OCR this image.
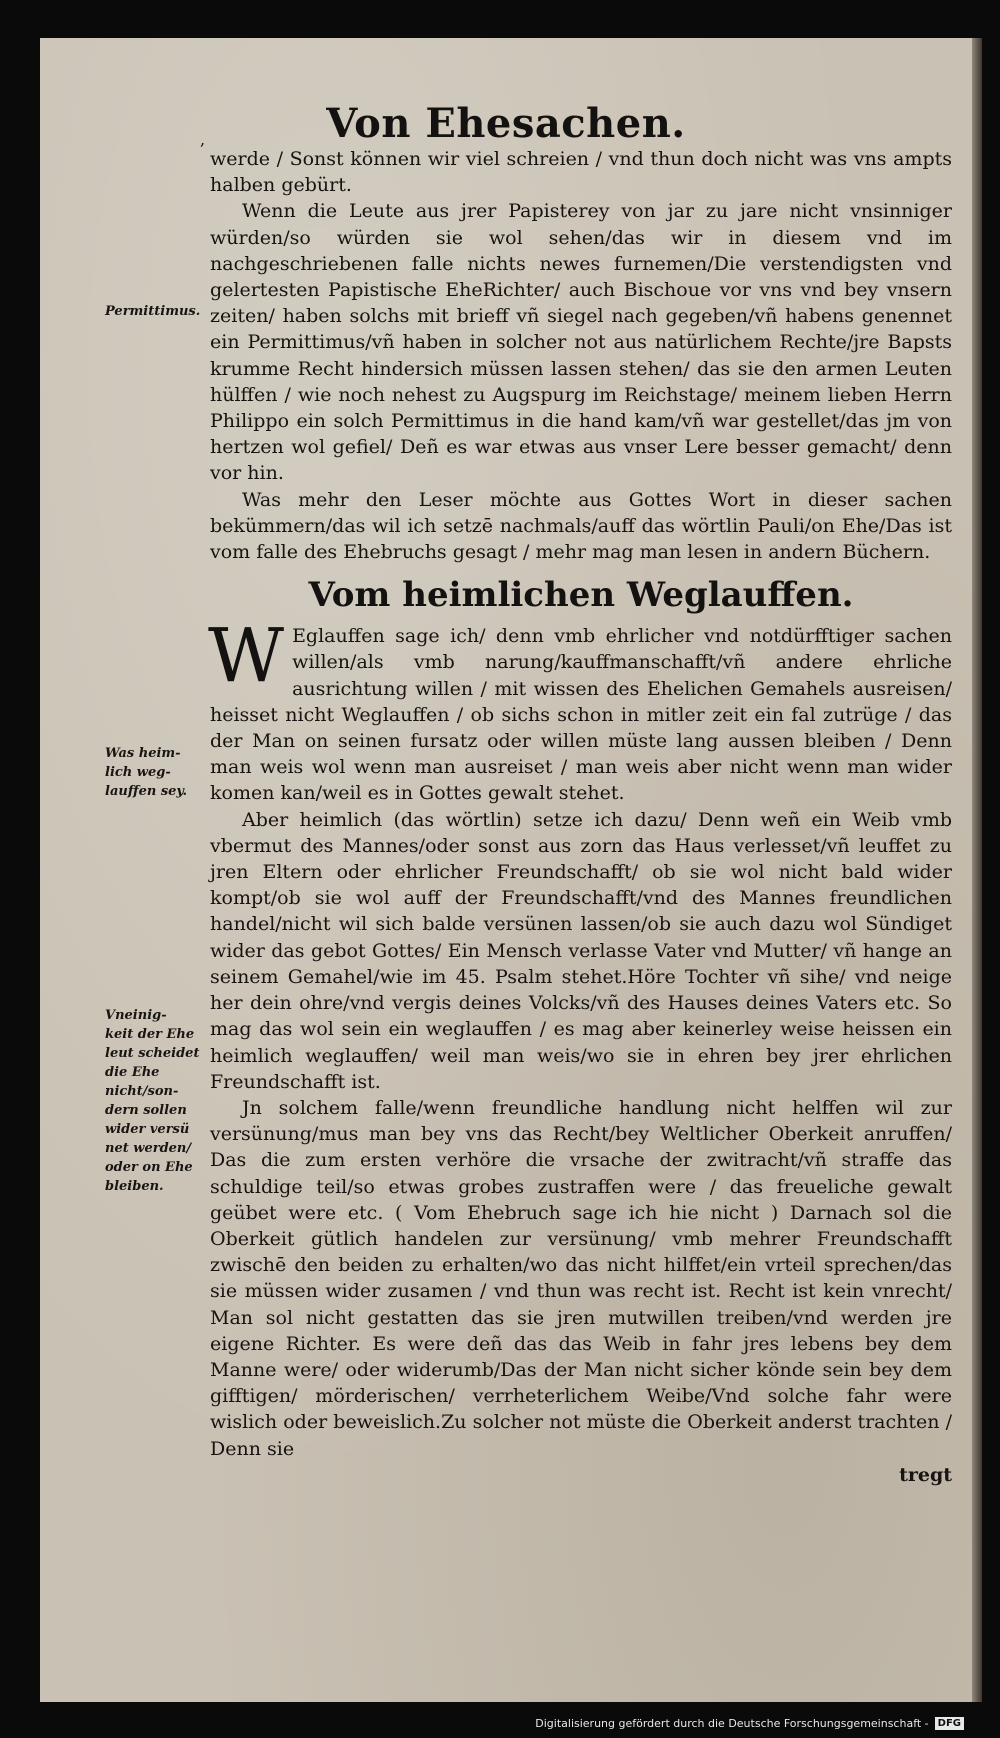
Von Ehesachen.
,
Permittimus.
Was heim-
lich weg-
lauffen sey.
Vneinig-
keit der Ehe
leut scheidet
die Ehe
nicht/son-
dern sollen
wider versü
net werden/
oder on Ehe
bleiben.

werde / Sonst können wir viel schreien / vnd thun doch nicht was vns ampts halben gebürt.

Wenn die Leute aus jrer Papisterey von jar zu jare nicht vnsinniger würden/so würden sie wol sehen/das wir in diesem vnd im nachgeschriebenen falle nichts newes furnemen/Die verstendigsten vnd gelertesten Papistische EheRichter/ auch Bischoue vor vns vnd bey vnsern zeiten/ haben solchs mit brieff vñ siegel nach gegeben/vñ habens genennet ein Permittimus/vñ haben in solcher not aus natürlichem Rechte/jre Bapsts krumme Recht hindersich müssen lassen stehen/ das sie den armen Leuten hülffen / wie noch nehest zu Augspurg im Reichstage/ meinem lieben Herrn Philippo ein solch Permittimus in die hand kam/vñ war gestellet/das jm von hertzen wol gefiel/ Deñ es war etwas aus vnser Lere besser gemacht/ denn vor hin.

Was mehr den Leser möchte aus Gottes Wort in dieser sachen bekümmern/das wil ich setzē nachmals/auff das wörtlin Pauli/on Ehe/Das ist vom falle des Ehebruchs gesagt / mehr mag man lesen in andern Büchern.

Vom heimlichen Weglauffen.

W Eglauffen sage ich/ denn vmb ehrlicher vnd notdürfftiger sachen willen/als vmb narung/kauffmanschafft/vñ andere ehrliche ausrichtung willen / mit wissen des Ehelichen Gemahels ausreisen/ heisset nicht Weglauffen / ob sichs schon in mitler zeit ein fal zutrüge / das der Man on seinen fursatz oder willen müste lang aussen bleiben / Denn man weis wol wenn man ausreiset / man weis aber nicht wenn man wider komen kan/weil es in Gottes gewalt stehet.

Aber heimlich (das wörtlin) setze ich dazu/ Denn weñ ein Weib vmb vbermut des Mannes/oder sonst aus zorn das Haus verlesset/vñ leuffet zu jren Eltern oder ehrlicher Freundschafft/ ob sie wol nicht bald wider kompt/ob sie wol auff der Freundschafft/vnd des Mannes freundlichen handel/nicht wil sich balde versünen lassen/ob sie auch dazu wol Sündiget wider das gebot Gottes/ Ein Mensch verlasse Vater vnd Mutter/ vñ hange an seinem Gemahel/wie im 45. Psalm stehet.Höre Tochter vñ sihe/ vnd neige her dein ohre/vnd vergis deines Volcks/vñ des Hauses deines Vaters etc. So mag das wol sein ein weglauffen / es mag aber keinerley weise heissen ein heimlich weglauffen/ weil man weis/wo sie in ehren bey jrer ehrlichen Freundschafft ist.

Jn solchem falle/wenn freundliche handlung nicht helffen wil zur versünung/mus man bey vns das Recht/bey Weltlicher Oberkeit anruffen/ Das die zum ersten verhöre die vrsache der zwitracht/vñ straffe das schuldige teil/so etwas grobes zustraffen were / das freueliche gewalt geübet were etc. ( Vom Ehebruch sage ich hie nicht ) Darnach sol die Oberkeit gütlich handelen zur versünung/ vmb mehrer Freundschafft zwischē den beiden zu erhalten/wo das nicht hilffet/ein vrteil sprechen/das sie müssen wider zusamen / vnd thun was recht ist. Recht ist kein vnrecht/ Man sol nicht gestatten das sie jren mutwillen treiben/vnd werden jre eigene Richter. Es were deñ das das Weib in fahr jres lebens bey dem Manne were/ oder widerumb/Das der Man nicht sicher könde sein bey dem gifftigen/ mörderischen/ verrheterlichem Weibe/Vnd solche fahr were wislich oder beweislich.Zu solcher not müste die Oberkeit anderst trachten / Denn sie

tregt

Digitalisierung gefördert durch die Deutsche Forschungsgemeinschaft - DFG
